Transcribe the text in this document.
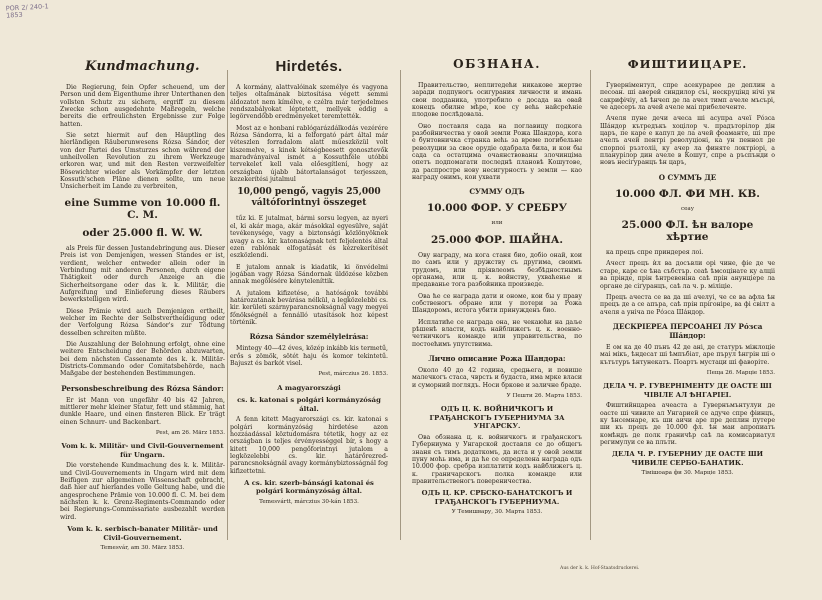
POR 2/ 240-1
1853
Kundmachung.

Die Regierung, fein Opfer scheuend, um der Person und dem Eigenthume ihrer Unterthanen den vollsten Schutz zu sichern, ergriff zu diesem Zwecke schon ausgedehnte Maßregeln, welche bereits die erfreulichsten Ergebnisse zur Folge hatten.

Sie setzt hiermit auf den Häuptling des hierländigen Räuberunwesens Rózsa Sándor, der von der Partei des Umsturzes schon während der unheilvollen Revolution zu ihrem Werkzeuge erkoren war, und mit den Resten verzweifelter Bösewichter wieder als Vorkämpfer der letzten Kossuth'schen Pläne dienen sollte, um neue Unsicherheit im Lande zu verbreiten,

eine Summe von 10.000 fl. C. M.
oder 25.000 fl. W. W.

als Preis für dessen Justandebringung aus. Dieser Preis ist von Demjenigen, wessen Standes er ist, verdient, welcher entweder allein oder in Verbindung mit anderen Personen, durch eigene Thätigkeit oder durch Anzeige an die Sicherheitsorgane oder das k. k. Militär, die Aufgreifung und Einlieferung dieses Räubers bewerkstelligen wird.

Diese Prämie wird auch Demjenigen ertheilt, welcher im Rechte der Selbstvertheidigung oder der Verfolgung Rózsa Sándor's zur Tödtung desselben schreiten müßte.

Die Auszahlung der Belohnung erfolgt, ohne eine weitere Entscheidung der Behörden abzuwarten, bei dem nächsten Cassenamte des k. k. Militär-Districts-Commando oder Comitatsbehörde, nach Maßgabe der bestehenden Bestimmungen.

Personsbeschreibung des Rózsa Sándor:

Er ist Mann von ungefähr 40 bis 42 Jahren, mittlerer mehr kleiner Statur, fett und stämmig, hat dunkle Haare, und einen finsteren Blick. Er trägt einen Schnurr- und Backenbart.

Pest, am 26. März 1853.
Vom k. k. Militär- und Civil-Gouvernement für Ungarn.

Die vorstehende Kundmachung des k. k. Militär- und Civil-Gouvernements in Ungarn wird mit dem Beifügen zur allgemeinen Wissenschaft gebracht, daß hier auf hierlandes volle Geltung habe, und die angesprochene Prämie von 10.000 fl. C. M. bei dem nächsten k. k. Grenz-Regiments-Commando oder bei Regierungs-Commissariate ausbezahlt werden wird.

Vom k. k. serbisch-banater Militär- und Civil-Gouvernement.
Temesvár, am 30. März 1853.
Hirdetés.

A kormány, alattvalóinak személye és vagyona teljes oltalmának biztosítása végett semmi áldozatot nem kímélve, e czélra már terjedelmes rendszabályokat léptetett, mellyek eddig a legörvendőbb eredményeket teremtették.

Most az e honbani rablógarázdálkodás vezérére Rózsa Sándorra, ki a felforgató párt által már véteszlen forradalom alatt mûeszközül volt kiszemelve, s kinek kétségbeesett gonosztevők maradványaival ismét a Kossuthféle utóbbi tervekelet kell vala előesgítlení, hogy az országban újabb bátortalanságot terjesszen, kezekerítési jutalmul

10,000 pengő, vagyis 25,000 váltóforintnyi összeget

tűz ki. E jutalmat, bármi sorsu legyen, az nyeri el, ki akár maga, akár másokkal egyesülve, saját tevékenysége, vagy a biztonsági közlönyöknek avagy a cs. kir. katonaságnak tett feljelentés által ezen rablónak elfogatását és kézrekerítését eszközlendi.

E jutalom annak is kiadatik, ki önvédelmi jogában vagy Rózsa Sándornak üldözése közben annak megölésére kényteleníttik.

A jutalom kifizetése, a hatóságok további határozatának bevárása nélkül, a legközelebbi cs. kir. kerületi szárnyparancsnokságnál vagy megyei főnökségnél a fennálló utasítások hoz képest történik.

Rózsa Sándor személyleirása:

Mintegy 40—42 éves, közép inkább kis termetű, erős s zömök, sötét haju és komor tekintetű. Bajuszt és barkót visel.

Pest, márczius 26. 1853.
A magyarországi
cs. k. katonai s polgári kormányzóság által.

A fenn kitett Magyarországi cs. kir. katonai s polgári kormányzóság hirdetése azon hozzáadással köztudomásra tétetik, hogy az ez országban is teljes érvényességgel bír, s hogy a kitett 10,000 pengőforintnyi jutalom a legközelebbi cs. kir. határőrezred-parancsnokságnál avagy kormánybiztosságnál fog kifizettetni.

A cs. kir. szerb-bánsági katonai és polgári kormányzóság által.
Temesvártt, márczius 30-kán 1853.
ОБЗНАНА.

Правительство, неплитедећи никакове жертве заради подпуногъ осигурания личности и имань свои подданика, употребило е досада на овай конецъ обилне мѣре, кое су већь найсрећнiе плодове послѣдовала.

Оно поставля сада на поглавицу подкога разбойничества у овой земли Рожа Шандора, кога е бунтовничка странка већь за време погибельне револуции за свое орудiе одабрала била, и кои бы сада са остатцима очаянствованы злочинцiма опетъ подпомагати последнѣ плановѣ Кошутове, да распростре нову несигурность у земли — као награду онимъ, кои ухвати

СУММУ ОДЪ
10.000 ФОР. У СРЕБРУ
или
25.000 ФОР. ШАЙНА.

Ову награду, ма кога станя био, добiо онай, кои по самъ или у дружству съ другима, своимъ трудомъ, или пріявлеомъ безбѣдностнымъ органама, или ц. к. войнству, ухваћенье и предаванье тога разбойника произведе.

Ова ће се награда дати и ономе, кои бы у праву собственогъ обране или у потери за Рожа Шандоромъ, истога убити принужденъ био.

Исплатиће се награда она, не чекаюћи на даље рѣшенѣ власти, кодъ найближегъ ц. к. военно-четничкогъ команде или управительства, по постоећимъ упутствима.

Лично описание Рожа Шандора:

Около 40 до 42 година, средњега, и повише малечкогъ стаса, чврсть и будаста, има мрке власи и суморний поглядъ. Носи бркове и заличне браде.

У Пешти 26. Марта 1853.
ОДЪ Ц. К. ВОЙНИЧКОГЪ И ГРАЂАНСКОГЪ ГУБЕРНИУМА ЗА УНГАРСКУ.

Ова обзнана ц. к. войничкогъ и грађанскогъ Губерниума у Унгарской доставля се до общегъ знаня съ тимъ додаткомъ, да иста и у овой земли пуну моћь има, и да ће се определена награда одъ 10.000 фор. сребра изплатити кодъ найближегъ ц. к. граничарскогъ полка команде или правительственогъ повереничества.

ОДЪ Ц. КР. СРБСКО-БАНАТСКОГЪ И ГРАЂАНСКОГЪ ГУБЕРНИУМА.
У Темишвару, 30. Марта 1853.
ФИШТИИЦАРЕ.

Гуверніментул, спре асекурарее де деплин а песоан. ші аверей синдилор съі, нескруцінд нічі ун сакрифічіу, аѣ ѣнчеп де ла ачел тимп ачеле мъсърі, че адесеръ ла ачей ачеле маі прибелеченте.

Ачеля пуне дечи ачеса ші асупра ачеї Рóзса Шáндор кътредъкъ хоцілор ч. прадъторілор дін царъ, пе каре е капул де ла ачей фоаманте, ші пре ачелъ ачей пентрі револуціоні, ка ун пеннол де спорпоі ръзтоліі, ку ачер ла финяте локтріорі, а планурілор дин ачеле в Кошут, спре а ръспънди о новъ несіґуранцъ ѣн царъ,

О СУММЪ ДЕ
10.000 ФЛ. ФИ МН. КВ.
сеау
25.000 ФЛ. ѣн валоре хѣртие

ка прецъ спре приндерея лоі.

Ачест прецъ ѝл ва досъвли орі чине, фie де че старе, каре се ѣна събстър. сеаѣ ѣмсоцінате ку алціі ва прінде, прін ѣнтревенiна саѣ прін анунціере ла органе де сіґуранцъ, саѣ ла ч. р. міліціе.

Прецъ ачеста се ва да ші ачелуі, че се ва афла ѣн прецъ де а се апъра, саѣ прін прігоніре, ва фі свілт а ачеля а уніча пе Рóзса Шáндор.

ДЕСКРІЕРЕА ПЕРСОАНЕІ ЛУ Рóзса Шáндор:

Е ом ка де 40 пънъ 42 де ані, де статуръ міжлоціе маі мікъ, ѣндесат ші ѣмпъбіат, аре пърул ѣнгрін ші о кътътуръ ѣнтунекатъ. Поартъ мустаци ші фаворіте.

Пеща 26. Марціе 1853.
ДЕЛА Ч. Р. ГУВЕРНІМЕНТУ ДЕ ОАСТЕ ШІ ЧІВІЛЕ АЛ ѢНГАРІЕІ.

Фиштийнцареа ачеаста а Гувернъмънтулуи де оасте ші чивиле ал Унгарией се адуче спре фiинцъ, ку ѣнсемнаре, къ ши аичи аре пре деплин путере ши къ прецъ де 10.000 фл. ѣн маи апропиатъ комѣндъ де полк граничѣр саѣ ла комисариатул регимулуи се ва плъти.

ДЕЛА Ч. Р. ГУБЕРНИУ ДЕ ОАСТЕ ШИ ЧИВИЛЕ СЕРБО-БАНАТИК.
Тімішоара фи 30. Марціе 1853.
Aus der k. k. Hof-Staatsdruckerei.
